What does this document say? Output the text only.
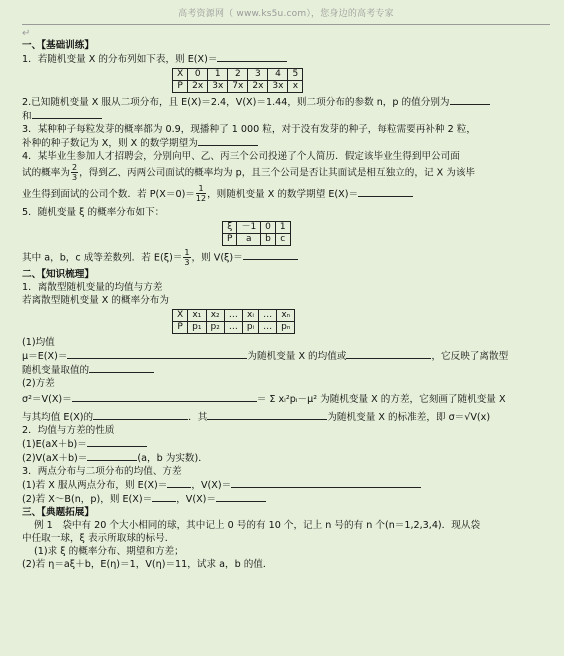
高考资源网（ www.ks5u.com），您身边的高考专家
↵

一、【基础训练】

1．若随机变量 X 的分布列如下表，则 E(X)＝

X	0	1	2	3	4	5
P	2x	3x	7x	2x	3x	x

2.已知随机变量 X 服从二项分布，且 E(X)＝2.4，V(X)＝1.44，则二项分布的参数 n，p 的值分别为

和

3．某种种子每粒发芽的概率都为 0.9，现播种了 1 000 粒，对于没有发芽的种子，每粒需要再补种 2 粒，

补种的种子数记为 X，则 X 的数学期望为

4．某毕业生参加人才招聘会，分别向甲、乙、丙三个公司投递了个人简历．假定该毕业生得到甲公司面

试的概率为 $\frac{2}{3}$ ，得到乙、丙两公司面试的概率均为 p，且三个公司是否让其面试是相互独立的，记 X 为该毕

业生得到面试的公司个数．若 $P(X=0)= \frac{1}{12}$ ，则随机变量 X 的数学期望 E(X)＝

5．随机变量 ξ 的概率分布如下：

ξ	－1	0	1
P	a	b	c

其中 a，b，c 成等差数列．若 $E(\xi)= \frac{1}{3}$ ，则 V(ξ)＝

二、【知识梳理】

1．离散型随机变量的均值与方差

若离散型随机变量 X 的概率分布为

X	x₁	x₂	…	xᵢ	…	xₙ
P	p₁	p₂	…	pᵢ	…	pₙ

(1)均值

μ＝E(X)＝	为随机变量 X 的均值或	，它反映了离散型

随机变量取值的

(2)方差

σ²＝V(X)＝	＝ Σ xᵢ²pᵢ－μ² 为随机变量 X 的方差，它刻画了随机变量 X

与其均值 E(X)的	．其	为随机变量 X 的标准差，即 σ＝√V(x)

2．均值与方差的性质

(1)E(aX＋b)＝

(2)V(aX＋b)＝	(a，b 为实数)．

3．两点分布与二项分布的均值、方差

(1)若 X 服从两点分布，则 E(X)＝	，V(X)＝

(2)若 X～B(n，p)，则 E(X)＝	，V(X)＝

三、【典题拓展】

例 1　袋中有 20 个大小相同的球，其中记上 0 号的有 10 个，记上 n 号的有 n 个(n＝1,2,3,4)．现从袋

中任取一球，ξ 表示所取球的标号．

(1)求 ξ 的概率分布、期望和方差；

(2)若 η＝aξ＋b，E(η)＝1，V(η)＝11，试求 a，b 的值．
